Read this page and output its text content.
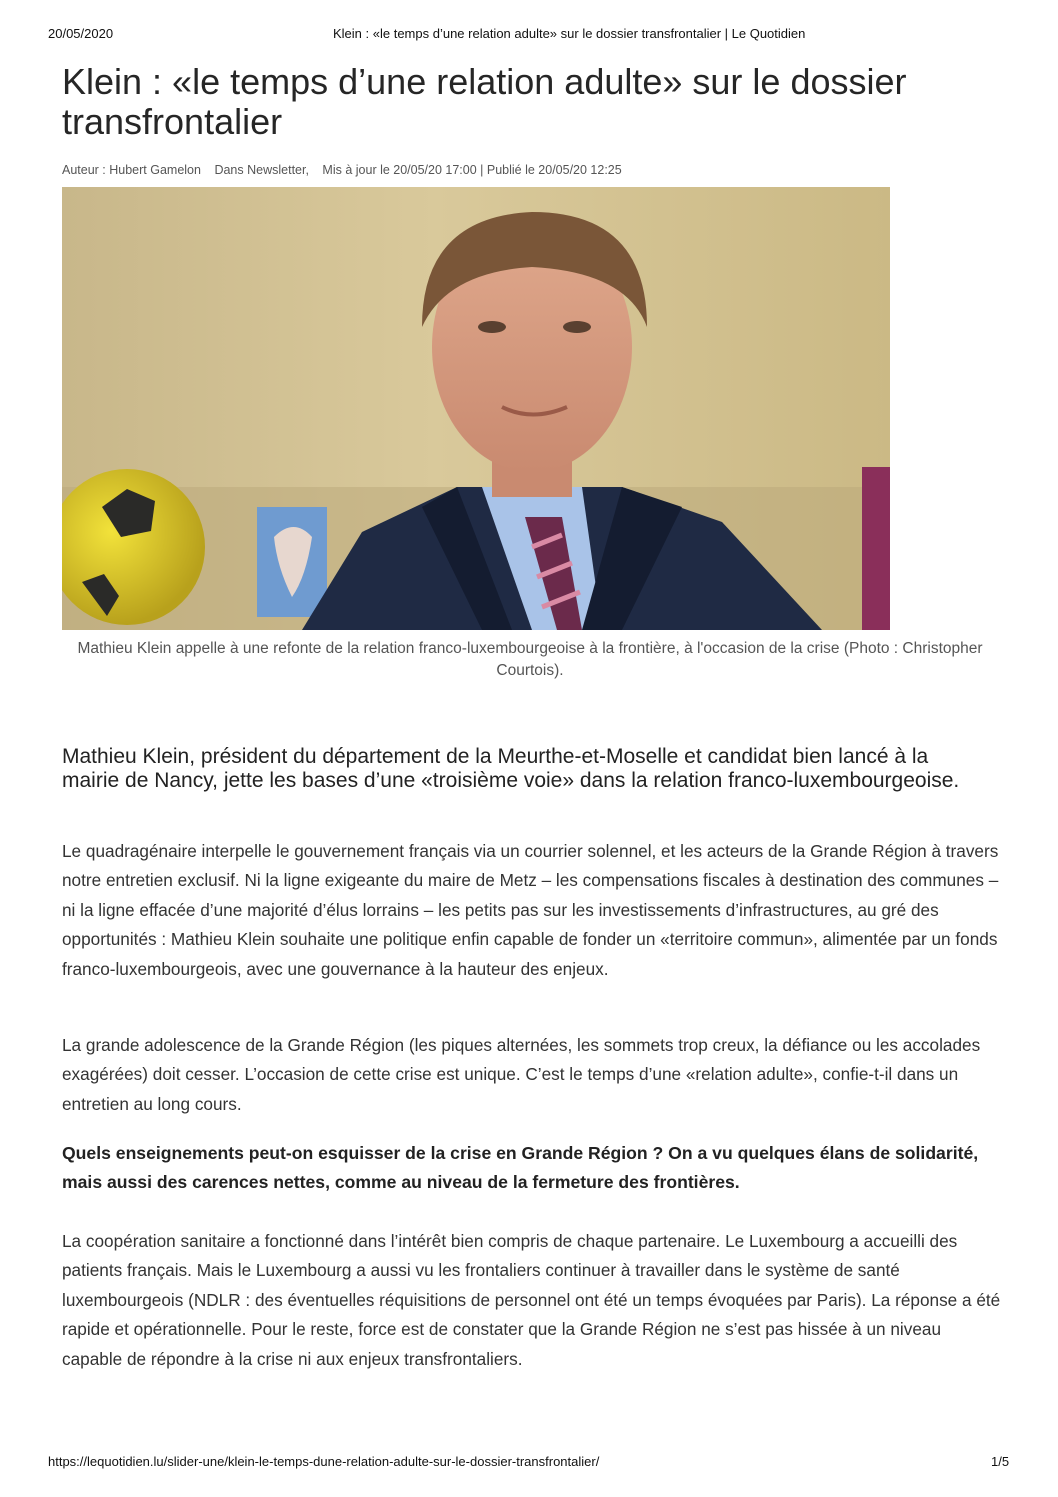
20/05/2020	Klein : «le temps d’une relation adulte» sur le dossier transfrontalier | Le Quotidien
Klein : «le temps d’une relation adulte» sur le dossier transfrontalier
Auteur : Hubert Gamelon Dans Newsletter, Mis à jour le 20/05/20 17:00 | Publié le 20/05/20 12:25
Mathieu Klein appelle à une refonte de la relation franco-luxembourgeoise à la frontière, à l'occasion de la crise (Photo : Christopher Courtois).

Mathieu Klein, président du département de la Meurthe-et-Moselle et candidat bien lancé à la mairie de Nancy, jette les bases d’une «troisième voie» dans la relation franco-luxembourgeoise.

Le quadragénaire interpelle le gouvernement français via un courrier solennel, et les acteurs de la Grande Région à travers notre entretien exclusif. Ni la ligne exigeante du maire de Metz – les compensations fiscales à destination des communes – ni la ligne effacée d’une majorité d’élus lorrains – les petits pas sur les investissements d’infrastructures, au gré des opportunités : Mathieu Klein souhaite une politique enfin capable de fonder un «territoire commun», alimentée par un fonds franco-luxembourgeois, avec une gouvernance à la hauteur des enjeux.

La grande adolescence de la Grande Région (les piques alternées, les sommets trop creux, la défiance ou les accolades exagérées) doit cesser. L’occasion de cette crise est unique. C’est le temps d’une «relation adulte», confie-t-il dans un entretien au long cours.

Quels enseignements peut-on esquisser de la crise en Grande Région ? On a vu quelques élans de solidarité, mais aussi des carences nettes, comme au niveau de la fermeture des frontières.

La coopération sanitaire a fonctionné dans l’intérêt bien compris de chaque partenaire. Le Luxembourg a accueilli des patients français. Mais le Luxembourg a aussi vu les frontaliers continuer à travailler dans le système de santé luxembourgeois (NDLR : des éventuelles réquisitions de personnel ont été un temps évoquées par Paris). La réponse a été rapide et opérationnelle. Pour le reste, force est de constater que la Grande Région ne s’est pas hissée à un niveau capable de répondre à la crise ni aux enjeux transfrontaliers.

https://lequotidien.lu/slider-une/klein-le-temps-dune-relation-adulte-sur-le-dossier-transfrontalier/	1/5
